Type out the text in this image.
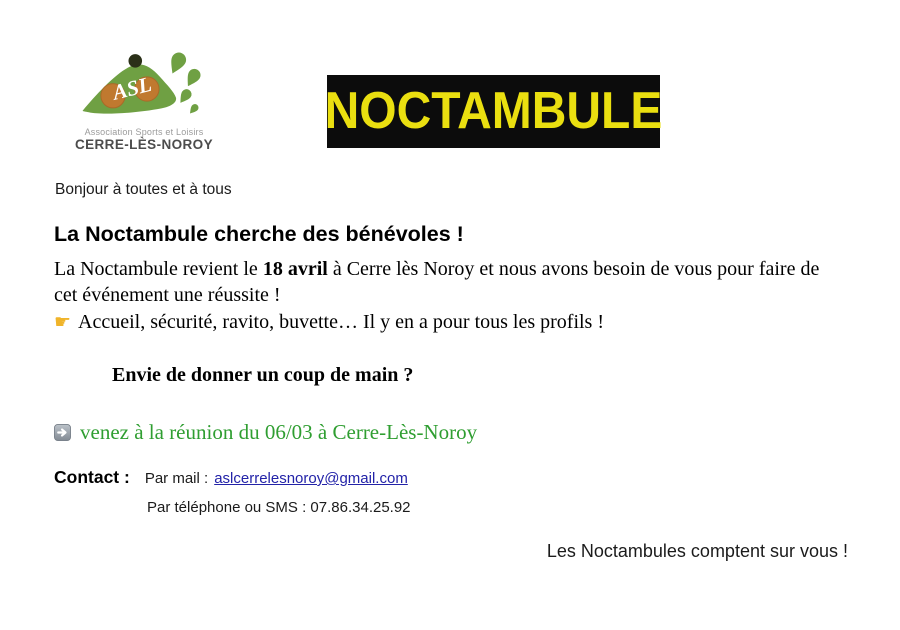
ASL
Association Sports et Loisirs
CERRE-LÈS-NOROY
NOCTAMBULE
Bonjour à toutes et à tous
La Noctambule cherche des bénévoles !

La Noctambule revient le 18 avril à Cerre lès Noroy et nous avons besoin de vous pour faire de cet événement une réussite !

☛ Accueil, sécurité, ravito, buvette… Il y en a pour tous les profils !

Envie de donner un coup de main ?

venez à la réunion du 06/03 à Cerre-Lès-Noroy
Contact : Par mail : aslcerrelesnoroy@gmail.com
Par téléphone ou SMS : 07.86.34.25.92
Les Noctambules comptent sur vous !
